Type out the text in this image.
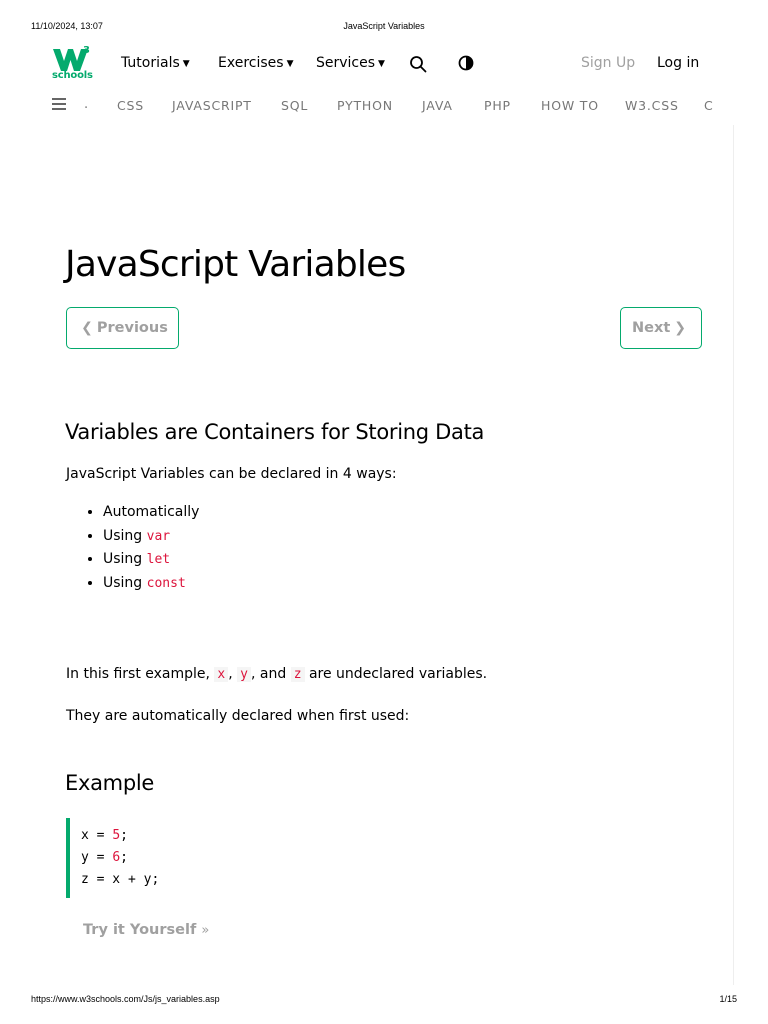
11/10/2024, 13:07	JavaScript Variables
https://www.w3schools.com/Js/js_variables.asp	1/15
3
schools
Tutorials ▼ Exercises ▼ Services ▼	Sign Up Log in
. CSS JAVASCRIPT SQL PYTHON JAVA	PHP HOW TO W3.CSS C
JavaScript Variables
❮ Previous	Next ❯
Variables are Containers for Storing Data
JavaScript Variables can be declared in 4 ways:
• Automatically
• Using var
• Using let
• Using const
In this first example, x , y , and z are undeclared variables.
They are automatically declared when first used:
Example
x = 5;
y = 6;
z = x + y;
Try it Yourself »
